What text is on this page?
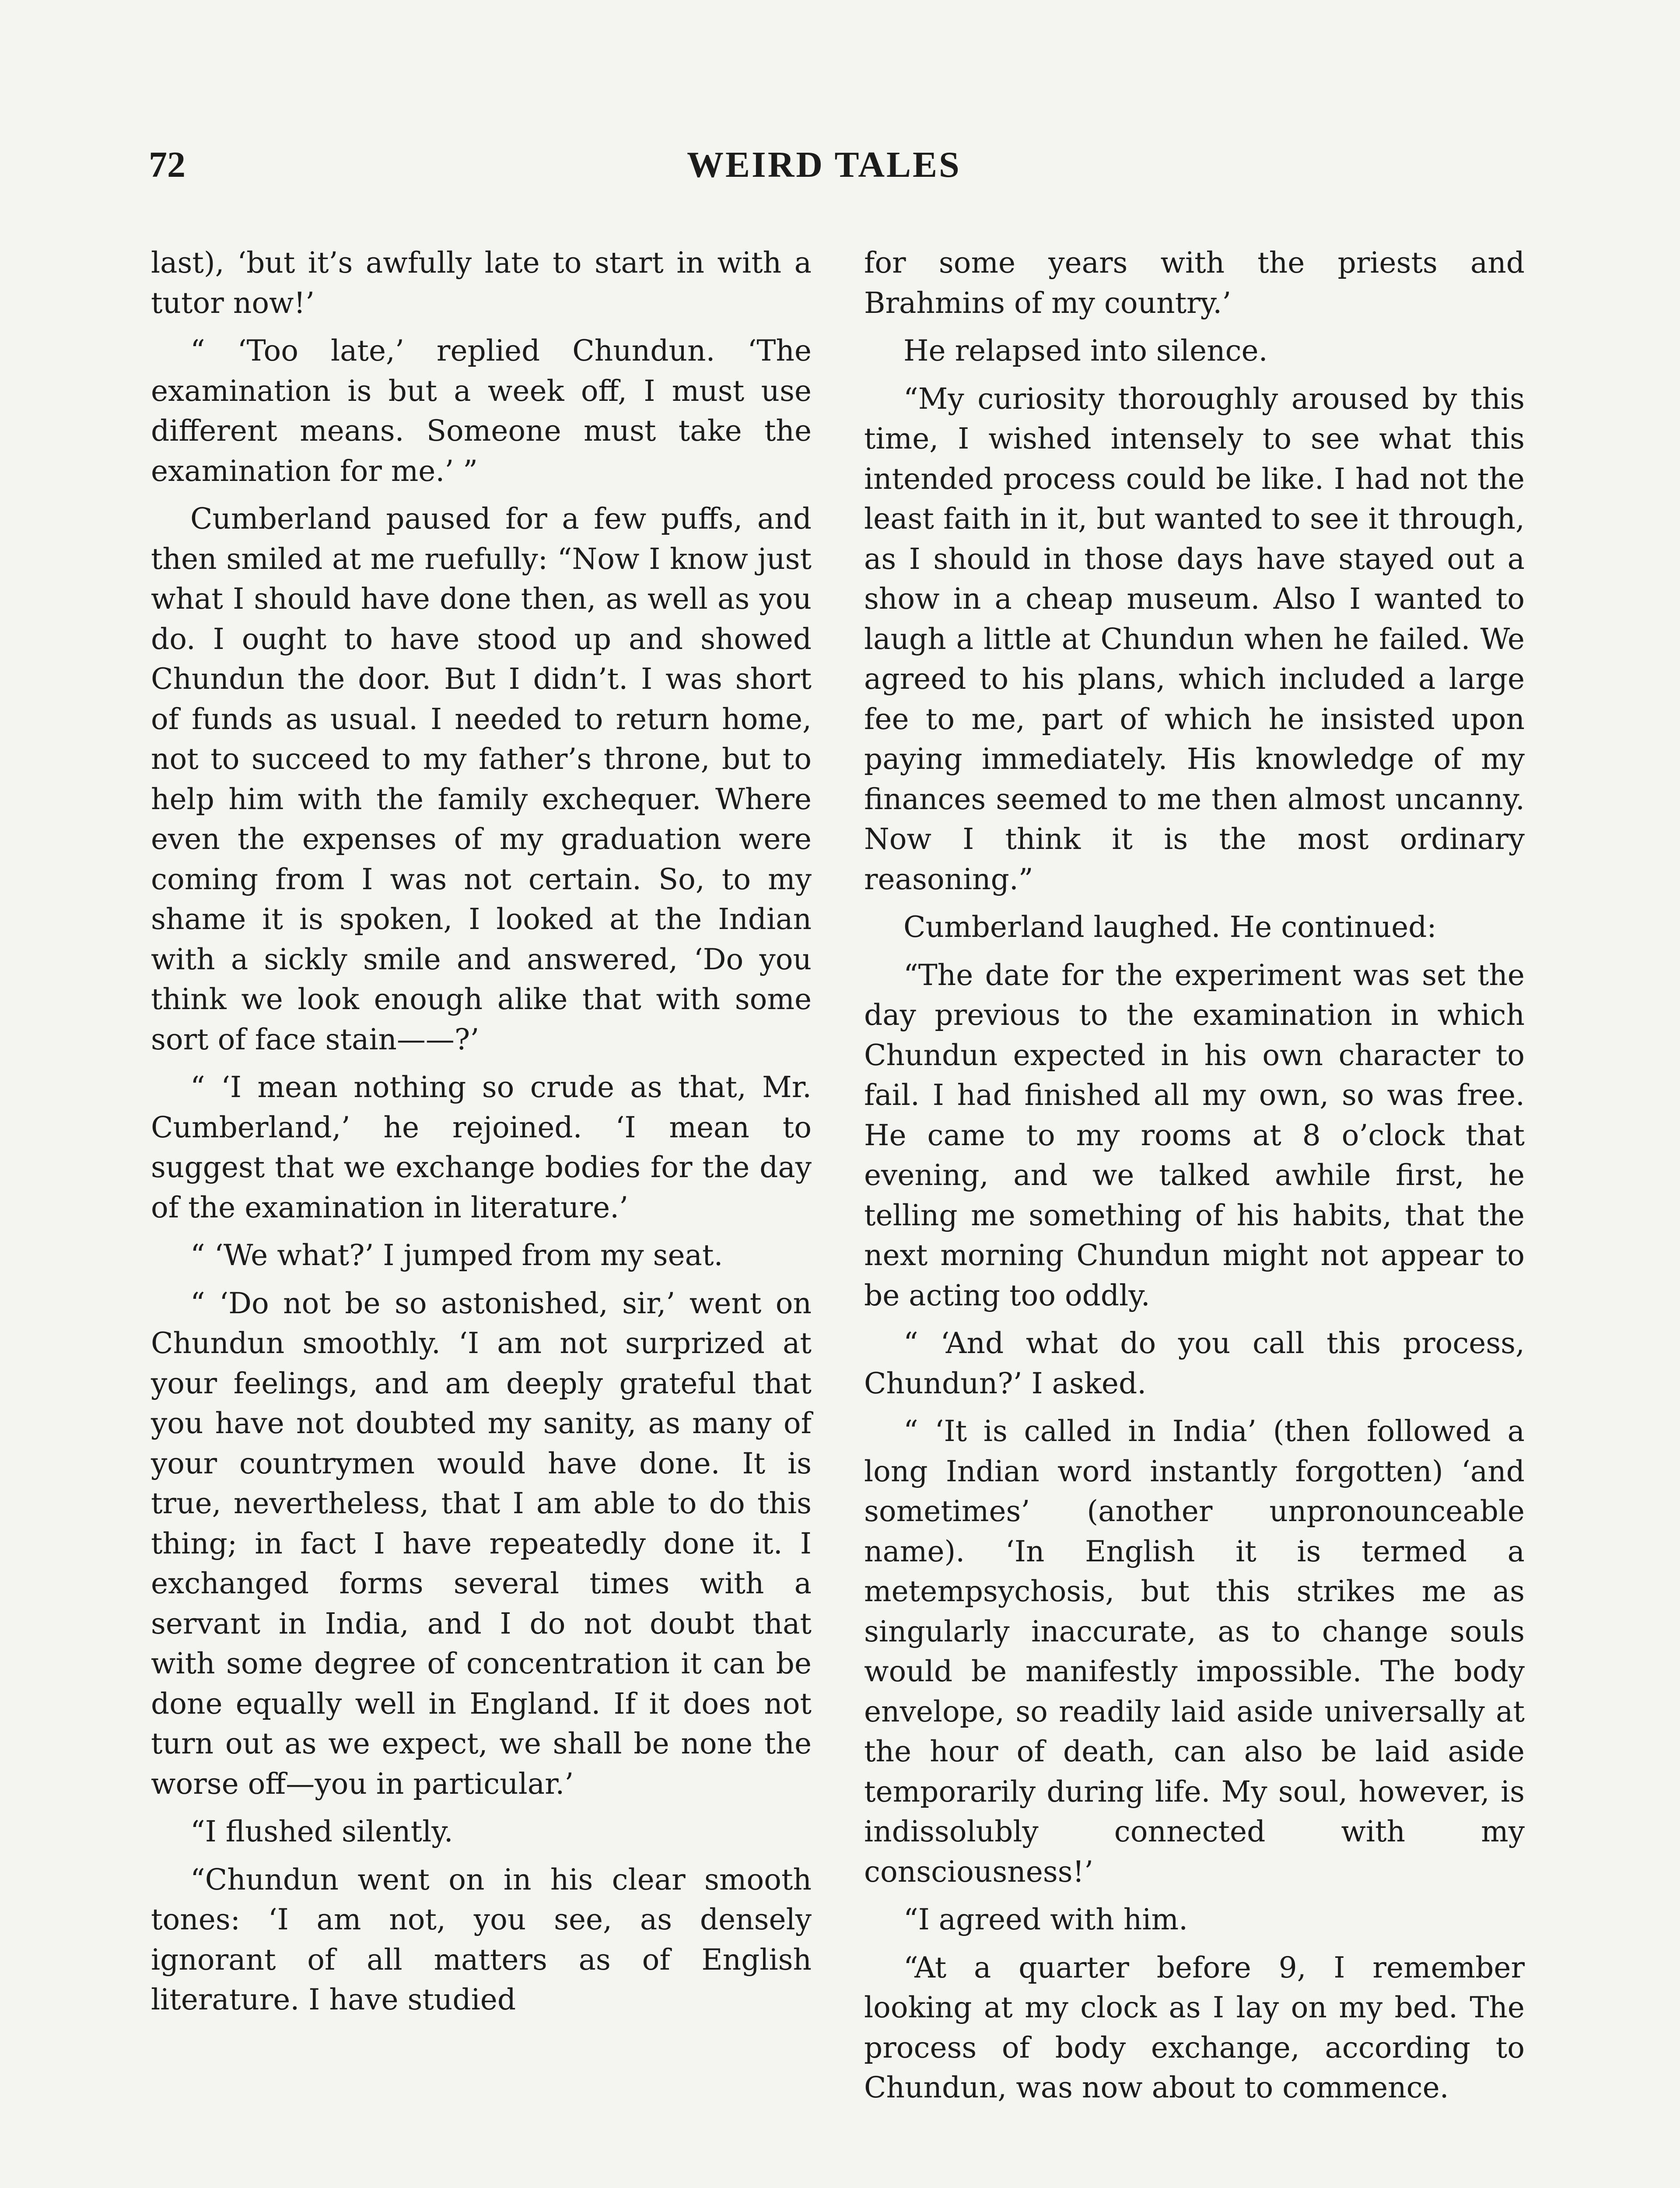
72	WEIRD TALES

last), ‘but it’s awfully late to start in with a tutor now!’

“ ‘Too late,’ replied Chundun. ‘The examination is but a week off, I must use different means. Someone must take the examination for me.’ ”

Cumberland paused for a few puffs, and then smiled at me ruefully: “Now I know just what I should have done then, as well as you do. I ought to have stood up and showed Chundun the door. But I didn’t. I was short of funds as usual. I needed to return home, not to succeed to my father’s throne, but to help him with the family exchequer. Where even the expenses of my graduation were coming from I was not certain. So, to my shame it is spoken, I looked at the Indian with a sickly smile and answered, ‘Do you think we look enough alike that with some sort of face stain——?’

“ ‘I mean nothing so crude as that, Mr. Cumberland,’ he rejoined. ‘I mean to suggest that we exchange bodies for the day of the examination in literature.’

“ ‘We what?’ I jumped from my seat.

“ ‘Do not be so astonished, sir,’ went on Chundun smoothly. ‘I am not surprized at your feelings, and am deeply grateful that you have not doubted my sanity, as many of your countrymen would have done. It is true, nevertheless, that I am able to do this thing; in fact I have repeatedly done it. I exchanged forms several times with a servant in India, and I do not doubt that with some degree of concentration it can be done equally well in England. If it does not turn out as we expect, we shall be none the worse off—you in particular.’

“I flushed silently.

“Chundun went on in his clear smooth tones: ‘I am not, you see, as densely ignorant of all matters as of English literature. I have studied

for some years with the priests and Brahmins of my country.’

He relapsed into silence.

“My curiosity thoroughly aroused by this time, I wished intensely to see what this intended process could be like. I had not the least faith in it, but wanted to see it through, as I should in those days have stayed out a show in a cheap museum. Also I wanted to laugh a little at Chundun when he failed. We agreed to his plans, which included a large fee to me, part of which he insisted upon paying immediately. His knowledge of my finances seemed to me then almost uncanny. Now I think it is the most ordinary reasoning.”

Cumberland laughed. He continued:

“The date for the experiment was set the day previous to the examination in which Chundun expected in his own character to fail. I had finished all my own, so was free. He came to my rooms at 8 o’clock that evening, and we talked awhile first, he telling me something of his habits, that the next morning Chundun might not appear to be acting too oddly.

“ ‘And what do you call this process, Chundun?’ I asked.

“ ‘It is called in India’ (then followed a long Indian word instantly forgotten) ‘and sometimes’ (another unpronounceable name). ‘In English it is termed a metempsychosis, but this strikes me as singularly inaccurate, as to change souls would be manifestly impossible. The body envelope, so readily laid aside universally at the hour of death, can also be laid aside temporarily during life. My soul, however, is indissolubly connected with my consciousness!’

“I agreed with him.

“At a quarter before 9, I remember looking at my clock as I lay on my bed. The process of body exchange, according to Chundun, was now about to commence.
